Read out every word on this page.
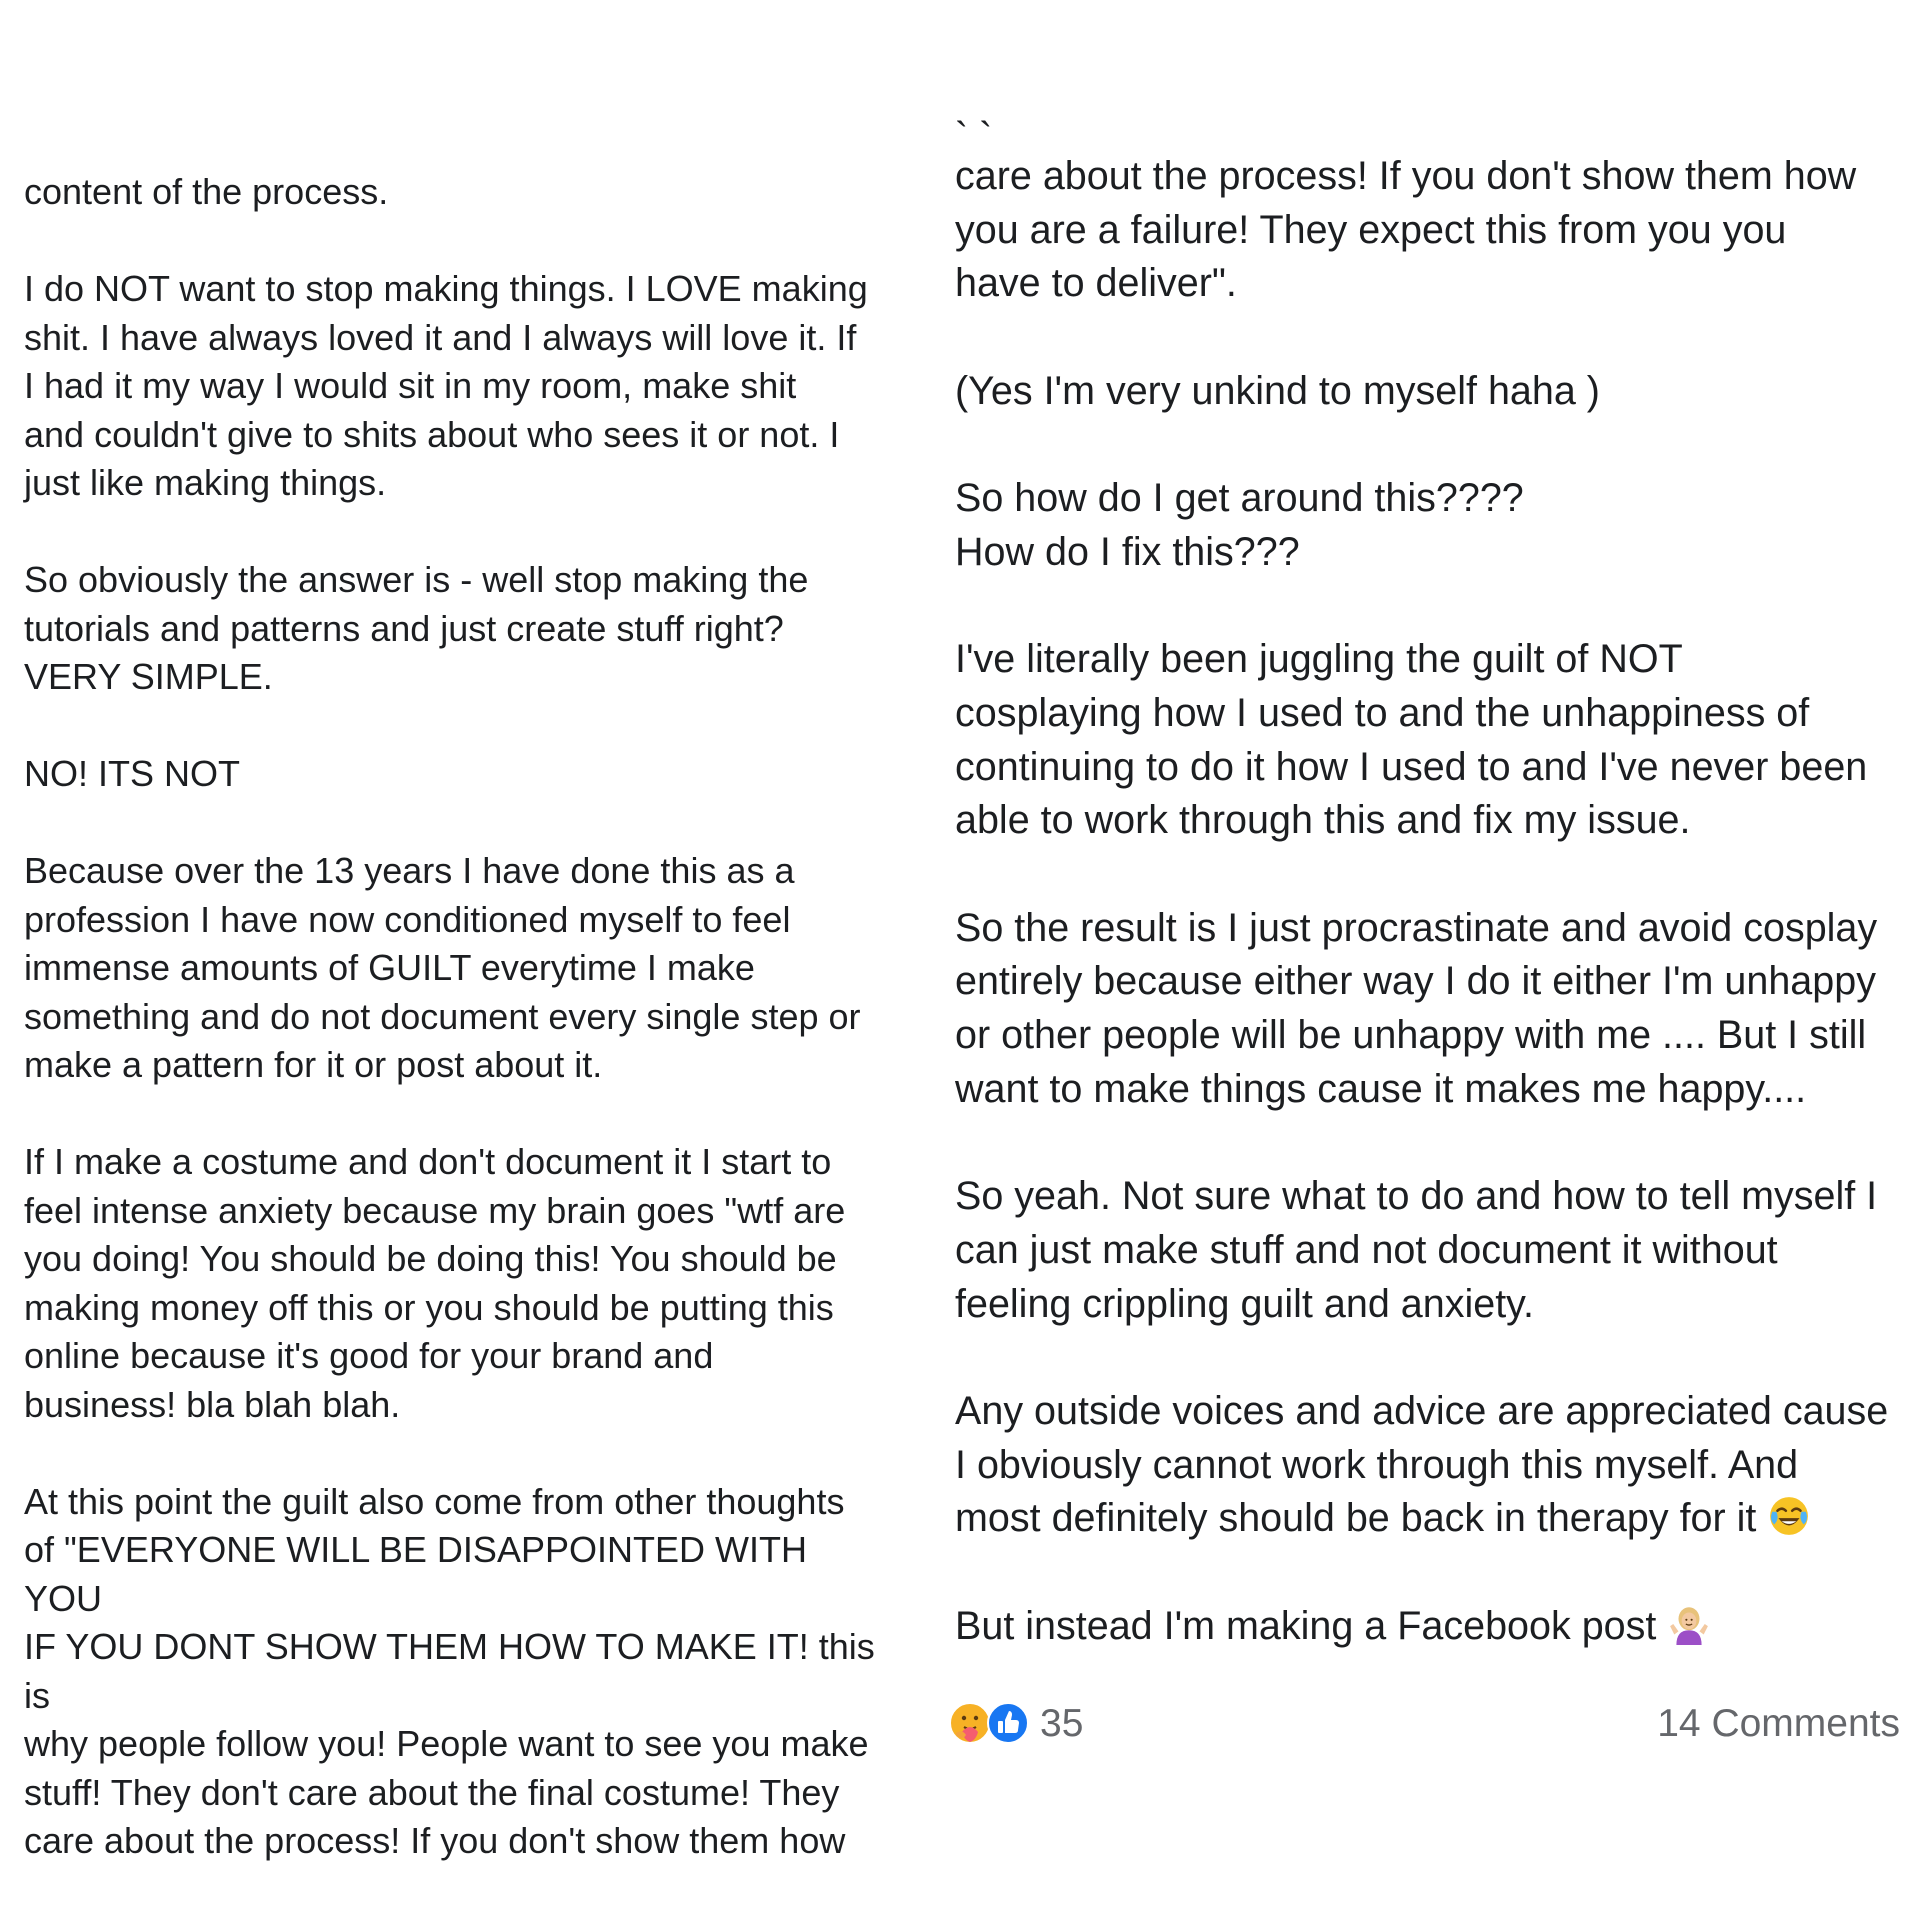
content of the process.

I do NOT want to stop making things. I LOVE making
shit. I have always loved it and I always will love it. If
I had it my way I would sit in my room, make shit
and couldn't give to shits about who sees it or not. I
just like making things.

So obviously the answer is - well stop making the
tutorials and patterns and just create stuff right?
VERY SIMPLE.

NO! ITS NOT

Because over the 13 years I have done this as a
profession I have now conditioned myself to feel
immense amounts of GUILT everytime I make
something and do not document every single step or
make a pattern for it or post about it.

If I make a costume and don't document it I start to
feel intense anxiety because my brain goes "wtf are
you doing! You should be doing this! You should be
making money off this or you should be putting this
online because it's good for your brand and
business! bla blah blah.

At this point the guilt also come from other thoughts
of "EVERYONE WILL BE DISAPPOINTED WITH YOU
IF YOU DONT SHOW THEM HOW TO MAKE IT! this is
why people follow you! People want to see you make
stuff! They don't care about the final costume! They
care about the process! If you don't show them how

care about the process! If you don't show them how
you are a failure! They expect this from you you
have to deliver".

(Yes I'm very unkind to myself haha )

So how do I get around this????
How do I fix this???

I've literally been juggling the guilt of NOT
cosplaying how I used to and the unhappiness of
continuing to do it how I used to and I've never been
able to work through this and fix my issue.

So the result is I just procrastinate and avoid cosplay
entirely because either way I do it either I'm unhappy
or other people will be unhappy with me .... But I still
want to make things cause it makes me happy....

So yeah. Not sure what to do and how to tell myself I
can just make stuff and not document it without
feeling crippling guilt and anxiety.

Any outside voices and advice are appreciated cause
I obviously cannot work through this myself. And
most definitely should be back in therapy for it

But instead I'm making a Facebook post

` `
35	14 Comments
